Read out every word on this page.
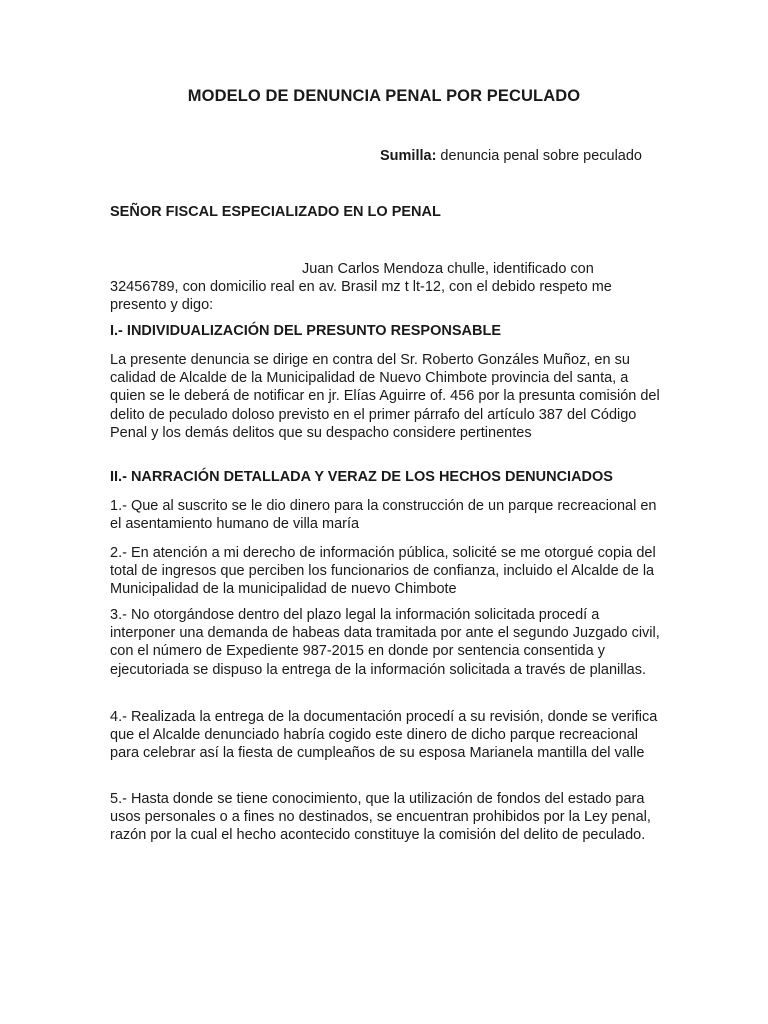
MODELO DE DENUNCIA PENAL POR PECULADO
Sumilla: denuncia penal sobre peculado

SEÑOR FISCAL ESPECIALIZADO EN LO PENAL

Juan Carlos Mendoza chulle, identificado con 32456789, con domicilio real en av. Brasil mz t lt-12, con el debido respeto me presento y digo:

I.- INDIVIDUALIZACIÓN DEL PRESUNTO RESPONSABLE

La presente denuncia se dirige en contra del Sr. Roberto Gonzáles Muñoz, en su calidad de Alcalde de la Municipalidad de Nuevo Chimbote provincia del santa, a quien se le deberá de notificar en jr. Elías Aguirre of. 456 por la presunta comisión del delito de peculado doloso previsto en el primer párrafo del artículo 387 del Código Penal y los demás delitos que su despacho considere pertinentes

II.- NARRACIÓN DETALLADA Y VERAZ DE LOS HECHOS DENUNCIADOS

1.- Que al suscrito se le dio dinero para la construcción de un parque recreacional en el asentamiento humano de villa maría

2.- En atención a mi derecho de información pública, solicité se me otorgué copia del total de ingresos que perciben los funcionarios de confianza, incluido el Alcalde de la Municipalidad de la municipalidad de nuevo Chimbote

3.- No otorgándose dentro del plazo legal la información solicitada procedí a interponer una demanda de habeas data tramitada por ante el segundo Juzgado civil, con el número de Expediente 987-2015 en donde por sentencia consentida y ejecutoriada se dispuso la entrega de la información solicitada a través de planillas.

4.- Realizada la entrega de la documentación procedí a su revisión, donde se verifica que el Alcalde denunciado habría cogido este dinero de dicho parque recreacional para celebrar así la fiesta de cumpleaños de su esposa Marianela mantilla del valle

5.- Hasta donde se tiene conocimiento, que la utilización de fondos del estado para usos personales o a fines no destinados, se encuentran prohibidos por la Ley penal, razón por la cual el hecho acontecido constituye la comisión del delito de peculado.
